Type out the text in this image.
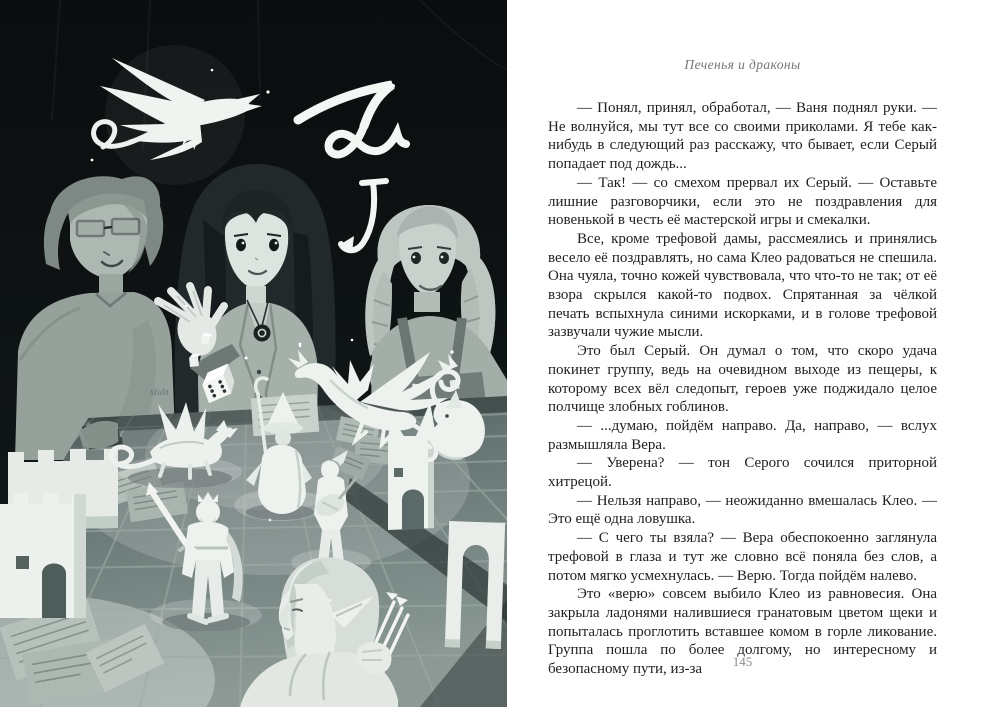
Mida
Печенья и драконы

— Понял, принял, обработал, — Ваня поднял руки. — Не волнуйся, мы тут все со своими приколами. Я тебе как-нибудь в следующий раз расскажу, что бывает, если Серый попадает под дождь...

— Так! — со смехом прервал их Серый. — Оставьте лишние разговорчики, если это не поздравления для новенькой в честь её мастерской игры и смекалки.

Все, кроме трефовой дамы, рассмеялись и принялись весело её поздравлять, но сама Клео радоваться не спешила. Она чуяла, точно кожей чувствовала, что что-то не так; от её взора скрылся какой-то подвох. Спрятанная за чёлкой печать вспыхнула синими искорками, и в голове трефовой зазвучали чужие мысли.

Это был Серый. Он думал о том, что скоро удача покинет группу, ведь на очевидном выходе из пещеры, к которому всех вёл следопыт, героев уже поджидало целое полчище злобных гоблинов.

— ...думаю, пойдём направо. Да, направо, — вслух размышляла Вера.

— Уверена? — тон Серого сочился приторной хитрецой.

— Нельзя направо, — неожиданно вмешалась Клео. — Это ещё одна ловушка.

— С чего ты взяла? — Вера обеспокоенно заглянула трефовой в глаза и тут же словно всё поняла без слов, а потом мягко усмехнулась. — Верю. Тогда пойдём налево.

Это «верю» совсем выбило Клео из равновесия. Она закрыла ладонями налившиеся гранатовым цветом щеки и попыталась проглотить вставшее комом в горле ликование. Группа пошла по более долгому, но интересному и безопасному пути, из-за	145
